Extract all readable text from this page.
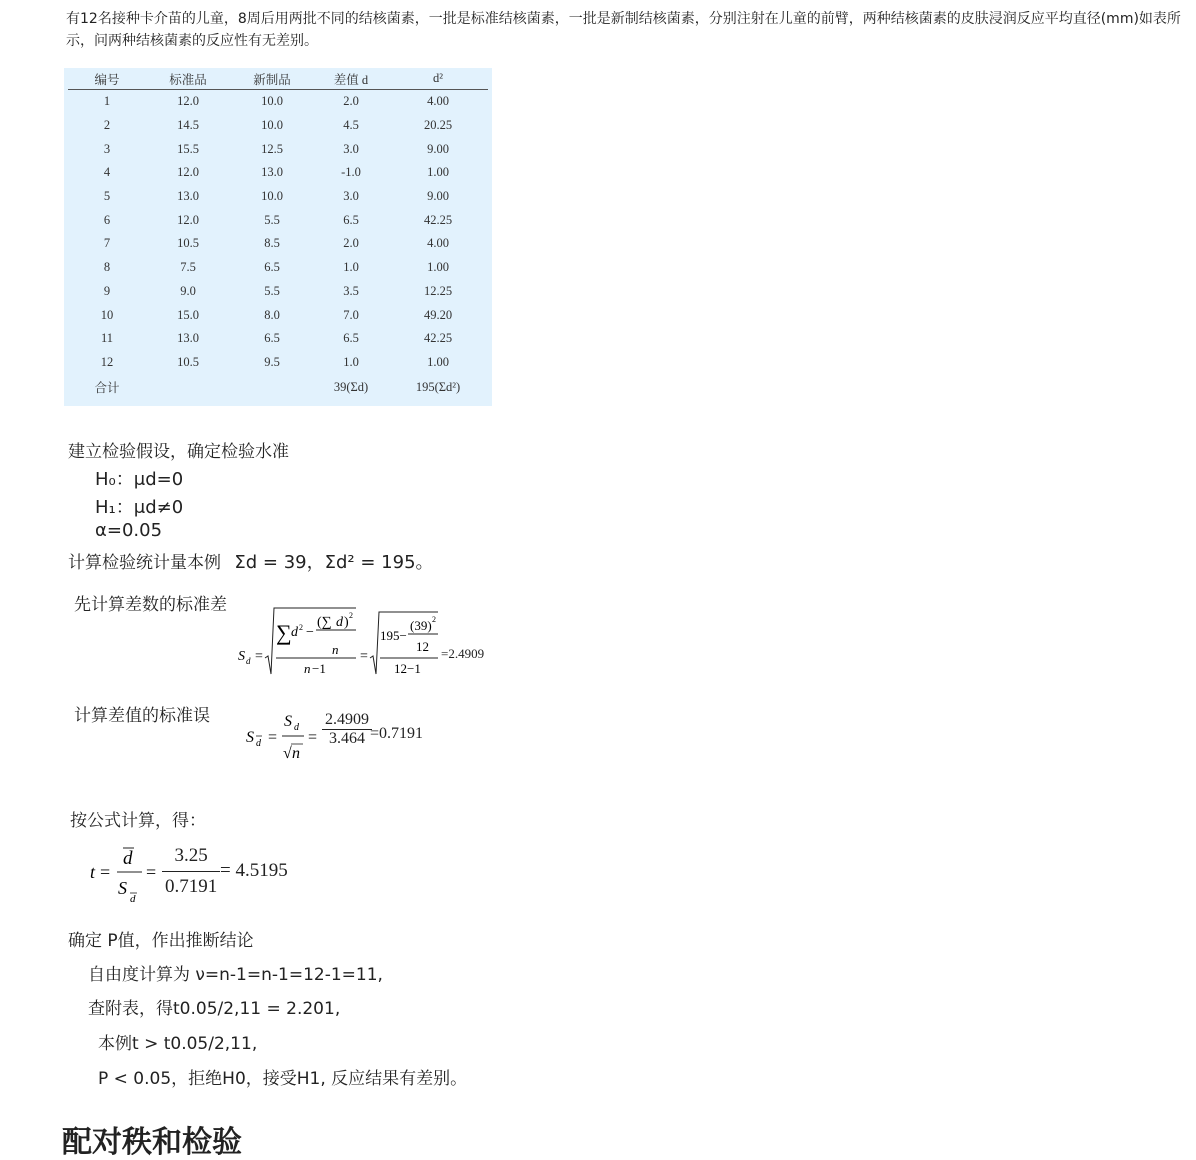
有12名接种卡介苗的儿童，8周后用两批不同的结核菌素，一批是标准结核菌素，一批是新制结核菌素，分别注射在儿童的前臂，两种结核菌素的皮肤浸润反应平均直径(mm)如表所示，问两种结核菌素的反应性有无差别。
编号	标准品	新制品	差值 d	d²
1	12.0	10.0	2.0	4.00
2	14.5	10.0	4.5	20.25
3	15.5	12.5	3.0	9.00
4	12.0	13.0	-1.0	1.00
5	13.0	10.0	3.0	9.00
6	12.0	5.5	6.5	42.25
7	10.5	8.5	2.0	4.00
8	7.5	6.5	1.0	1.00
9	9.0	5.5	3.5	12.25
10	15.0	8.0	7.0	49.20
11	13.0	6.5	6.5	42.25
12	10.5	9.5	1.0	1.00
合计			39(Σd)	195(Σd²)
建立检验假设，确定检验水准
H₀：μd=0
H₁：μd≠0
α=0.05
计算检验统计量本例 Σd = 39，Σd² = 195。
先计算差数的标准差
S d =
∑ d 2 −
(∑ d ) 2
n
n −1
=
195−
(39) 2
12
12−1
=2.4909
计算差值的标准误
S d =
S d
√ n
= $\frac{2.4909}{3.464}$
=0.7191
按公式计算，得：
t =
d
S
d
= $\frac{3.25}{0.7191} = 4.5195$
确定 P值，作出推断结论
自由度计算为 ν=n-1=n-1=12-1=11,
查附表，得t0.05/2,11 = 2.201,
本例t > t0.05/2,11,
P < 0.05，拒绝H0，接受H1, 反应结果有差别。
配对秩和检验
